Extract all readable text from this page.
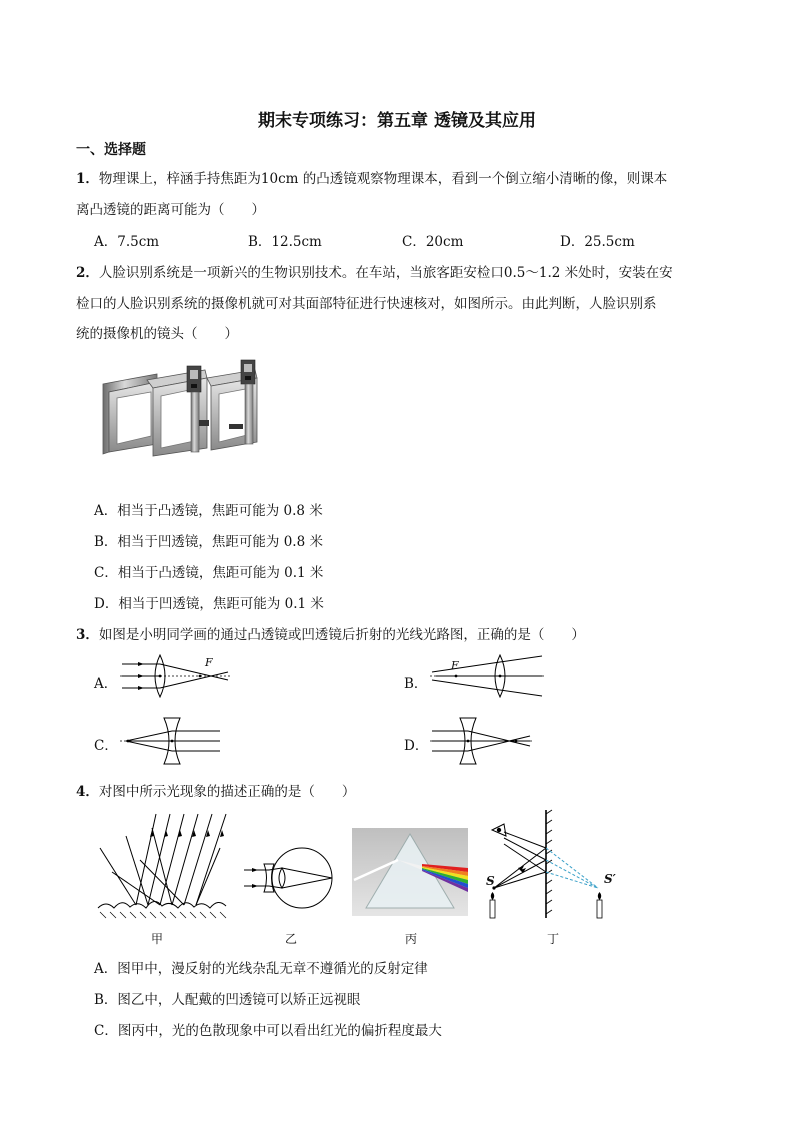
期末专项练习：第五章 透镜及其应用
一、选择题
1．物理课上，梓涵手持焦距为10cm 的凸透镜观察物理课本，看到一个倒立缩小清晰的像，则课本
离凸透镜的距离可能为（　　）
A．7.5cm	B．12.5cm	C．20cm	D．25.5cm
2．人脸识别系统是一项新兴的生物识别技术。在车站，当旅客距安检口0.5～1.2 米处时，安装在安
检口的人脸识别系统的摄像机就可对其面部特征进行快速核对，如图所示。由此判断，人脸识别系
统的摄像机的镜头（　　）
A．相当于凸透镜，焦距可能为 0.8 米
B．相当于凹透镜，焦距可能为 0.8 米
C．相当于凸透镜，焦距可能为 0.1 米
D．相当于凹透镜，焦距可能为 0.1 米
3．如图是小明同学画的通过凸透镜或凹透镜后折射的光线光路图，正确的是（　　）
A．
F
B．
F
C．	D．
4．对图中所示光现象的描述正确的是（　　）
甲	乙	丙
S	S′
丁
A．图甲中，漫反射的光线杂乱无章不遵循光的反射定律
B．图乙中，人配戴的凹透镜可以矫正远视眼
C．图丙中，光的色散现象中可以看出红光的偏折程度最大
